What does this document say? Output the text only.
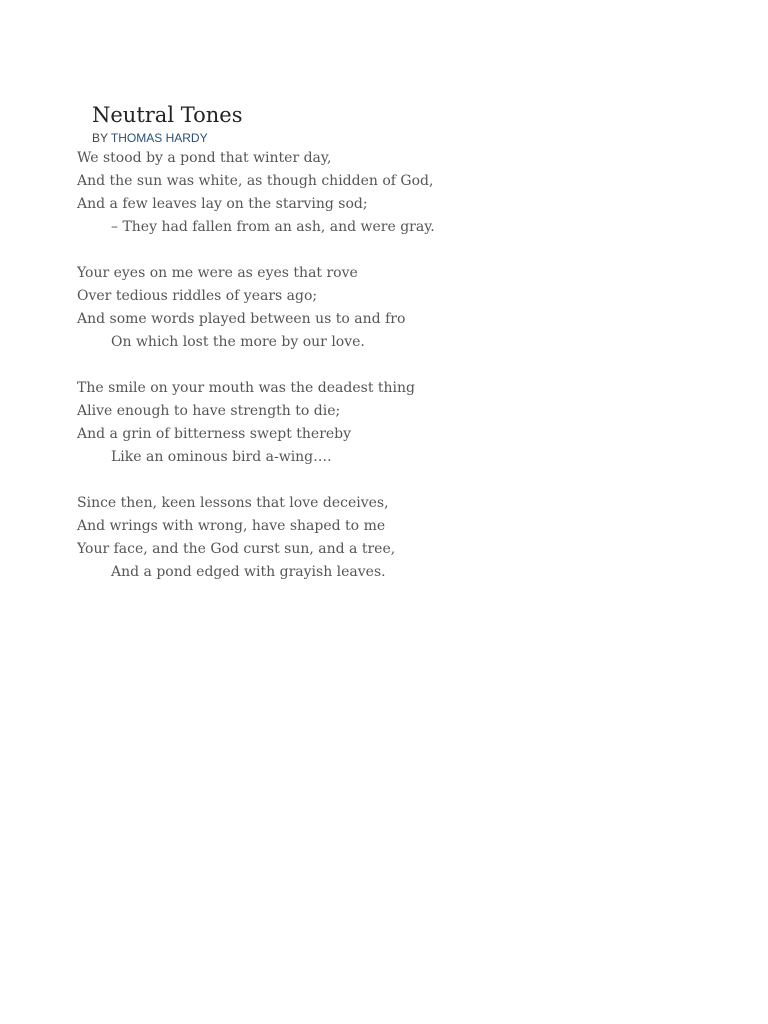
Neutral Tones
BY THOMAS HARDY
We stood by a pond that winter day,
And the sun was white, as though chidden of God,
And a few leaves lay on the starving sod;
– They had fallen from an ash, and were gray.
Your eyes on me were as eyes that rove
Over tedious riddles of years ago;
And some words played between us to and fro
On which lost the more by our love.
The smile on your mouth was the deadest thing
Alive enough to have strength to die;
And a grin of bitterness swept thereby
Like an ominous bird a-wing….
Since then, keen lessons that love deceives,
And wrings with wrong, have shaped to me
Your face, and the God curst sun, and a tree,
And a pond edged with grayish leaves.
